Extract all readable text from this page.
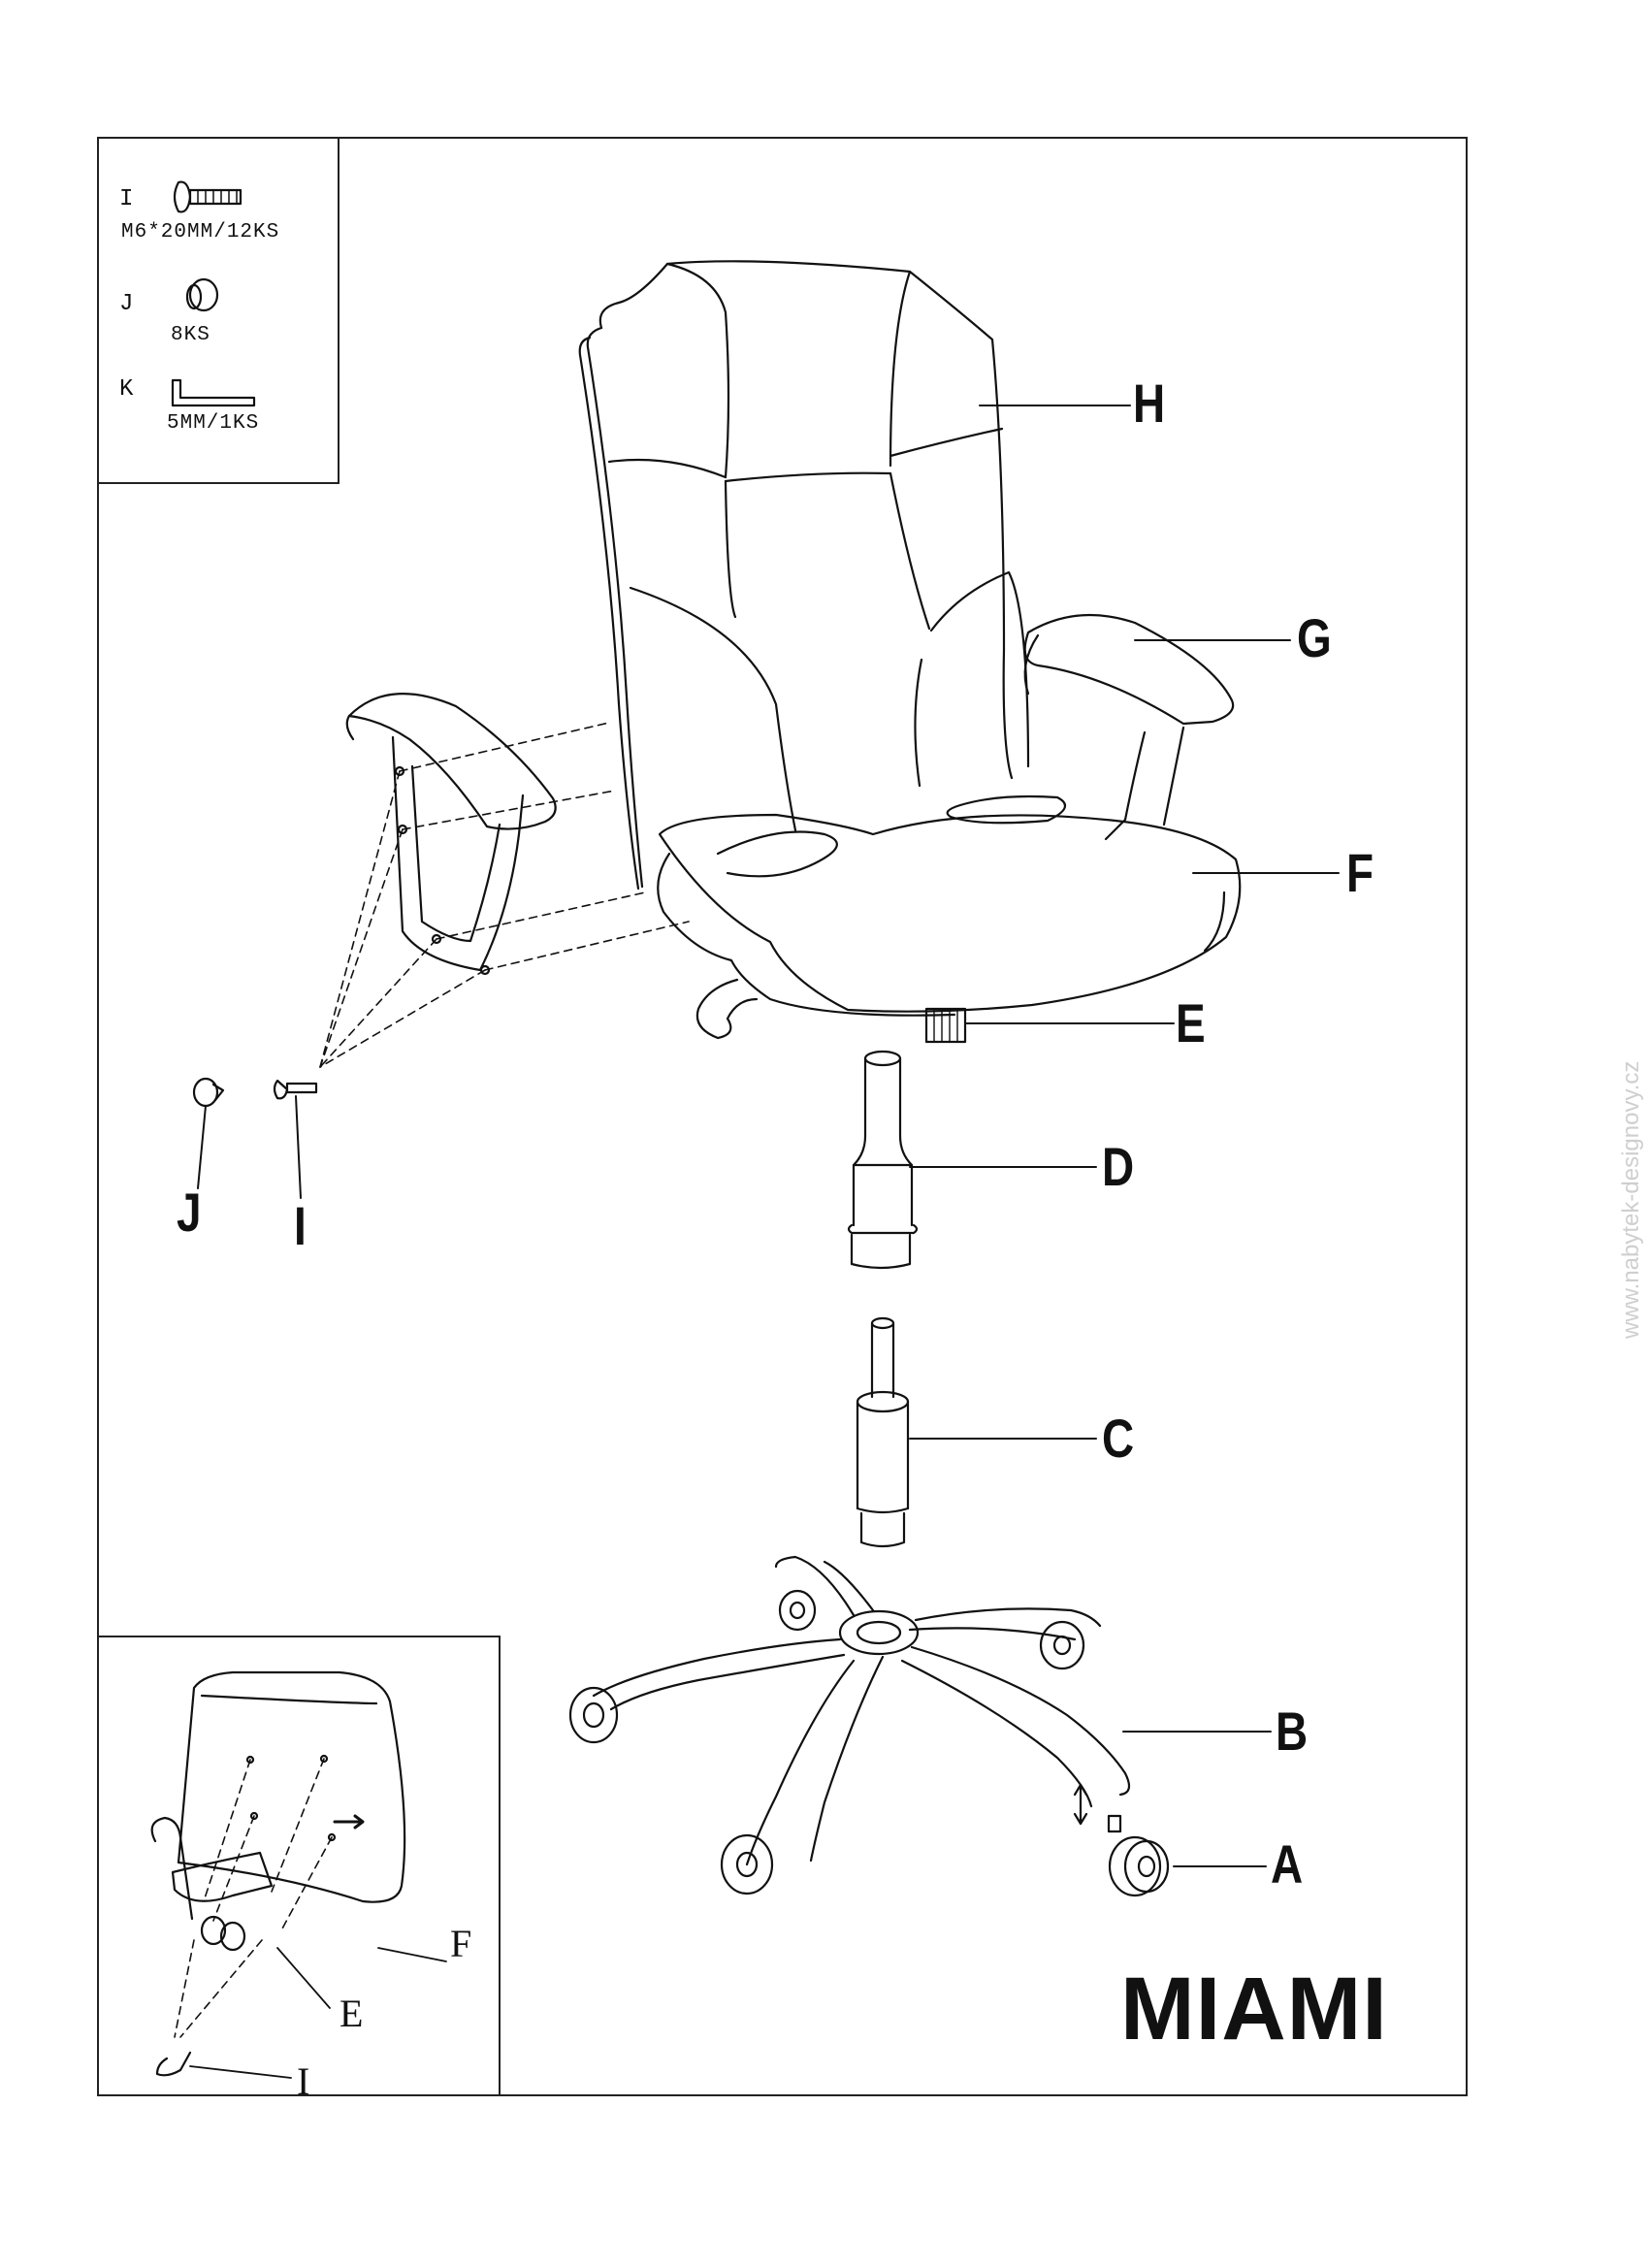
I
M6*20MM/12KS
J
8KS
K
5MM/1KS	H
G
F
E
D
C
B
A
J I
F
E
I
MIAMI
www.nabytek-designovy.cz
